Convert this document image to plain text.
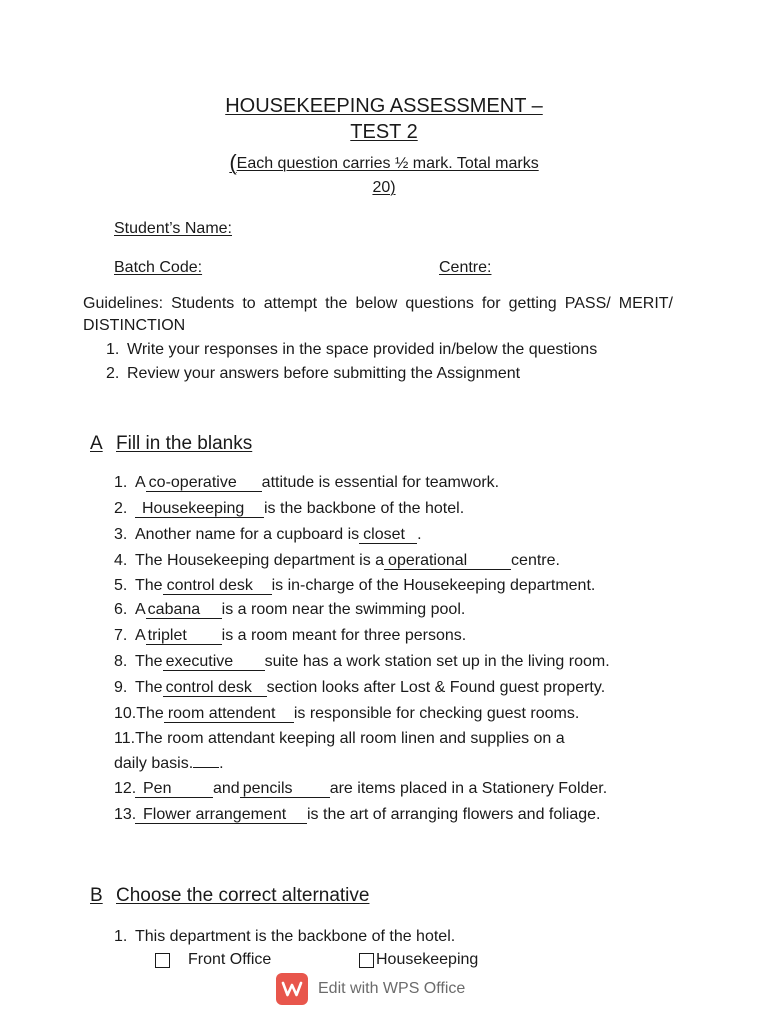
HOUSEKEEPING ASSESSMENT –
TEST 2
(Each question carries ½ mark. Total marks
20)
Student’s Name:
Batch Code:	Centre:
Guidelines: Students to attempt the below questions for getting PASS/ MERIT/ DISTINCTION
1. Write your responses in the space provided in/below the questions
2. Review your answers before submitting the Assignment
A Fill in the blanks
1. A co-operative attitude is essential for teamwork.
2. Housekeeping is the backbone of the hotel.
3. Another name for a cupboard is closet .
4. The Housekeeping department is a operational	centre.
5. The control desk is in-charge of the Housekeeping department.
6. A cabana is a room near the swimming pool.
7. A triplet is a room meant for three persons.
8. The executive suite has a work station set up in the living room.
9. The control desk section looks after Lost & Found guest property.
10.The room attendent is responsible for checking guest rooms.
11.The room attendant keeping all room linen and supplies on a
daily basis. .
12. Pen	and pencils are items placed in a Stationery Folder.
13. Flower arrangement is the art of arranging flowers and foliage.
B Choose the correct alternative
1. This department is the backbone of the hotel.
Front Office	Housekeeping
Edit with WPS Office
